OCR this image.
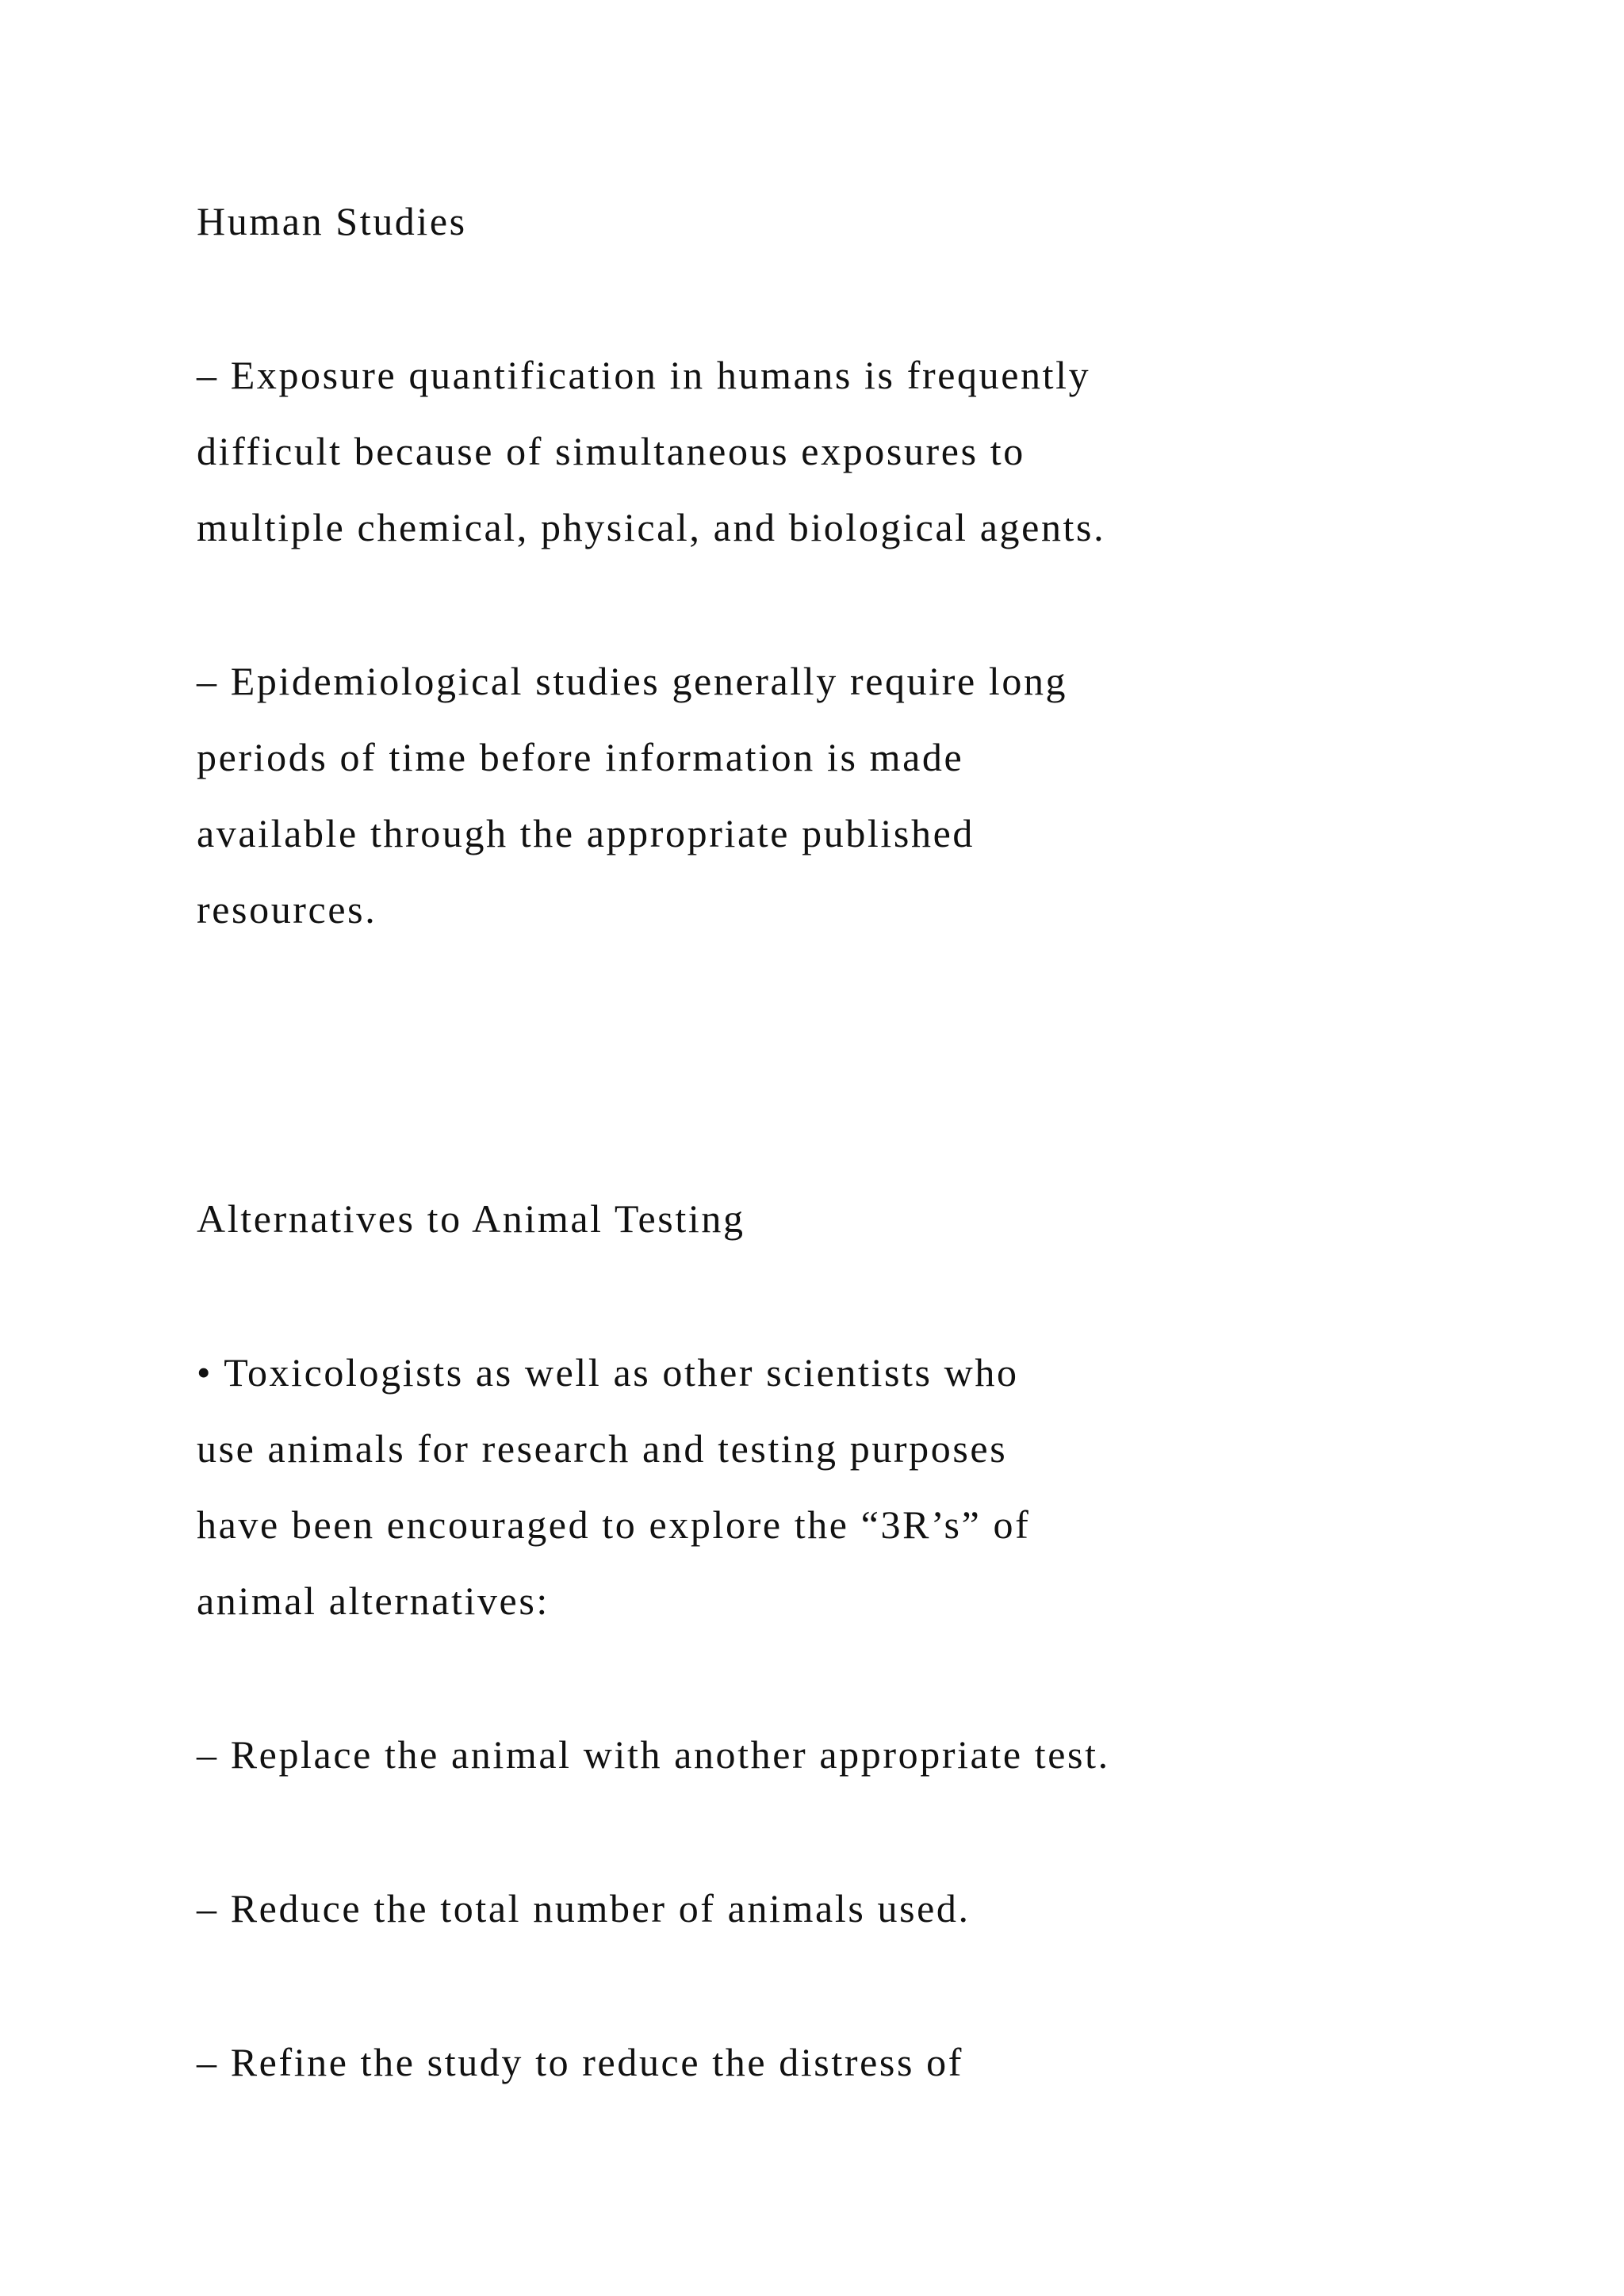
Human Studies

– Exposure quantification in humans is frequently

difficult because of simultaneous exposures to

multiple chemical, physical, and biological agents.

– Epidemiological studies generally require long

periods of time before information is made

available through the appropriate published

resources.

Alternatives to Animal Testing

• Toxicologists as well as other scientists who

use animals for research and testing purposes

have been encouraged to explore the “3R’s” of

animal alternatives:

– Replace the animal with another appropriate test.

– Reduce the total number of animals used.

– Refine the study to reduce the distress of
